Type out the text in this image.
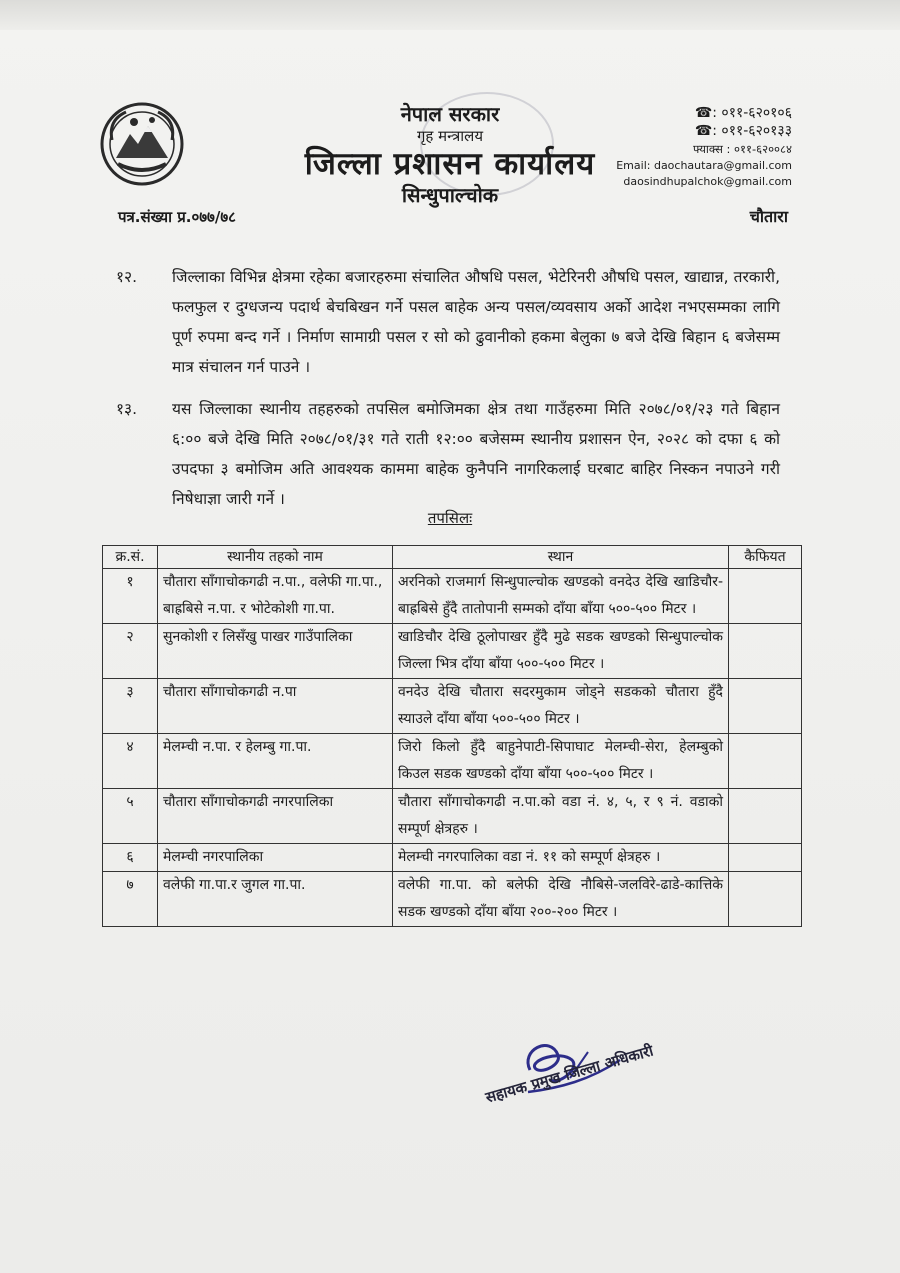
नेपाल सरकार
गृह मन्त्रालय
जिल्ला प्रशासन कार्यालय
सिन्धुपाल्चोक
☎: ०११-६२०१०६
☎: ०११-६२०१३३
फ्याक्स : ०११-६२००८४
Email: daochautara@gmail.com
daosindhupalchok@gmail.com
पत्र.संख्या प्र.०७७/७८	चौतारा
१२.	जिल्लाका विभिन्न क्षेत्रमा रहेका बजारहरुमा संचालित औषधि पसल, भेटेरिनरी औषधि पसल, खाद्यान्न, तरकारी, फलफुल र दुग्धजन्य पदार्थ बेचबिखन गर्ने पसल बाहेक अन्य पसल/व्यवसाय अर्को आदेश नभएसम्मका लागि पूर्ण रुपमा बन्द गर्ने । निर्माण सामाग्री पसल र सो को ढुवानीको हकमा बेलुका ७ बजे देखि बिहान ६ बजेसम्म मात्र संचालन गर्न पाउने ।
१३.	यस जिल्लाका स्थानीय तहहरुको तपसिल बमोजिमका क्षेत्र तथा गाउँहरुमा मिति २०७८/०१/२३ गते बिहान ६:०० बजे देखि मिति २०७८/०१/३१ गते राती १२:०० बजेसम्म स्थानीय प्रशासन ऐन, २०२८ को दफा ६ को उपदफा ३ बमोजिम अति आवश्यक काममा बाहेक कुनैपनि नागरिकलाई घरबाट बाहिर निस्कन नपाउने गरी निषेधाज्ञा जारी गर्ने ।
तपसिलः
क्र.सं.	स्थानीय तहको नाम	स्थान	कैफियत
१	चौतारा साँगाचोकगढी न.पा., वलेफी गा.पा., बाह्रबिसे न.पा. र भोटेकोशी गा.पा.	अरनिको राजमार्ग सिन्धुपाल्चोक खण्डको वनदेउ देखि खाडिचौर-बाह्रबिसे हुँदै तातोपानी सम्मको दाँया बाँया ५००-५०० मिटर ।	
२	सुनकोशी र लिसँखु पाखर गाउँपालिका	खाडिचौर देखि ठूलोपाखर हुँदै मुढे सडक खण्डको सिन्धुपाल्चोक जिल्ला भित्र दाँया बाँया ५००-५०० मिटर ।	
३	चौतारा साँगाचोकगढी न.पा	वनदेउ देखि चौतारा सदरमुकाम जोड्ने सडकको चौतारा हुँदै स्याउले दाँया बाँया ५००-५०० मिटर ।	
४	मेलम्ची न.पा. र हेलम्बु गा.पा.	जिरो किलो हुँदै बाहुनेपाटी-सिपाघाट मेलम्ची-सेरा, हेलम्बुको किउल सडक खण्डको दाँया बाँया ५००-५०० मिटर ।	
५	चौतारा साँगाचोकगढी नगरपालिका	चौतारा साँगाचोकगढी न.पा.को वडा नं. ४, ५, र ९ नं. वडाको सम्पूर्ण क्षेत्रहरु ।	
६	मेलम्ची नगरपालिका	मेलम्ची नगरपालिका वडा नं. ११ को सम्पूर्ण क्षेत्रहरु ।	
७	वलेफी गा.पा.र जुगल गा.पा.	वलेफी गा.पा. को बलेफी देखि नौबिसे-जलविरे-ढाडे-कात्तिके सडक खण्डको दाँया बाँया २००-२०० मिटर ।	
सहायक प्रमुख जिल्ला अधिकारी
